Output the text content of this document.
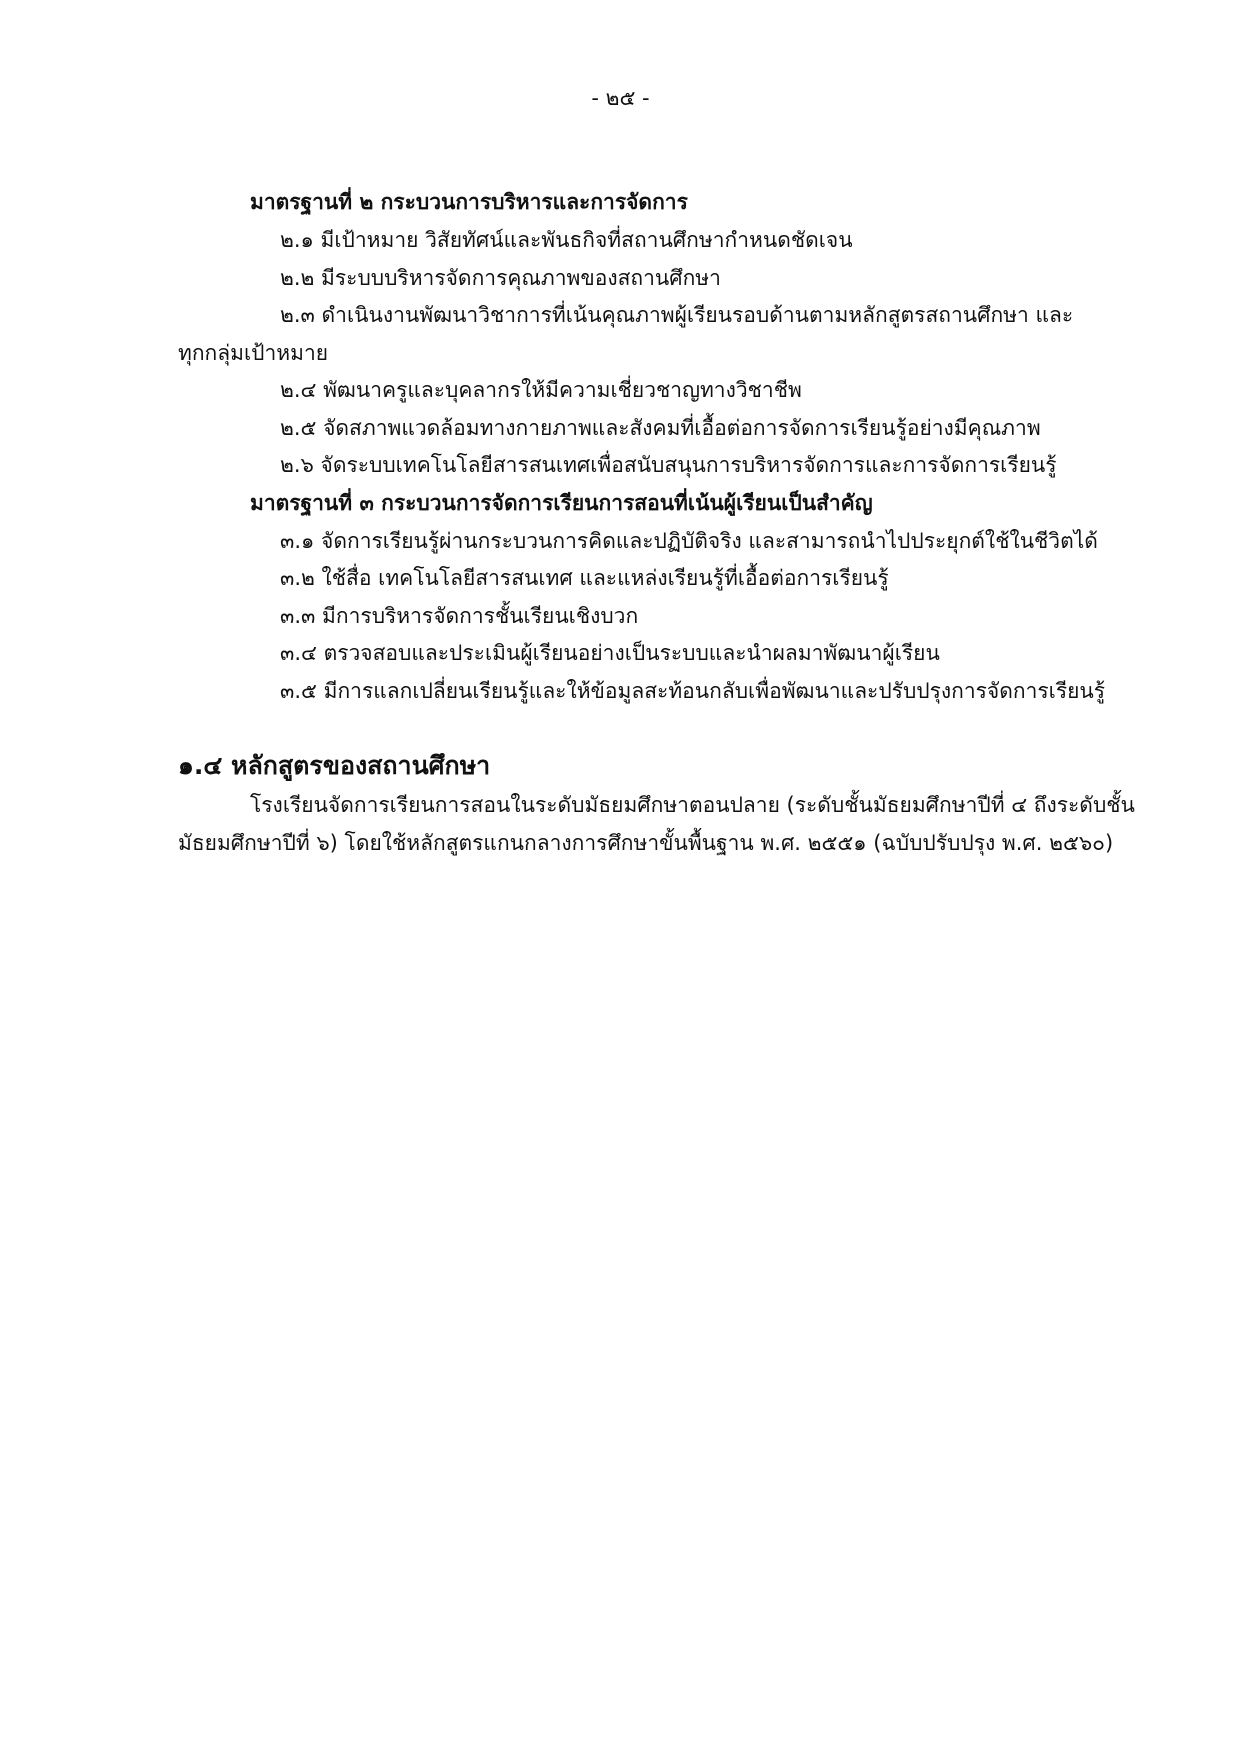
- ๒๕ -
มาตรฐานที่ ๒ กระบวนการบริหารและการจัดการ
๒.๑ มีเป้าหมาย วิสัยทัศน์และพันธกิจที่สถานศึกษากำหนดชัดเจน
๒.๒ มีระบบบริหารจัดการคุณภาพของสถานศึกษา
๒.๓ ดำเนินงานพัฒนาวิชาการที่เน้นคุณภาพผู้เรียนรอบด้านตามหลักสูตรสถานศึกษา และ
ทุกกลุ่มเป้าหมาย
๒.๔ พัฒนาครูและบุคลากรให้มีความเชี่ยวชาญทางวิชาชีพ
๒.๕ จัดสภาพแวดล้อมทางกายภาพและสังคมที่เอื้อต่อการจัดการเรียนรู้อย่างมีคุณภาพ
๒.๖ จัดระบบเทคโนโลยีสารสนเทศเพื่อสนับสนุนการบริหารจัดการและการจัดการเรียนรู้
มาตรฐานที่ ๓ กระบวนการจัดการเรียนการสอนที่เน้นผู้เรียนเป็นสำคัญ
๓.๑ จัดการเรียนรู้ผ่านกระบวนการคิดและปฏิบัติจริง และสามารถนำไปประยุกต์ใช้ในชีวิตได้
๓.๒ ใช้สื่อ เทคโนโลยีสารสนเทศ และแหล่งเรียนรู้ที่เอื้อต่อการเรียนรู้
๓.๓ มีการบริหารจัดการชั้นเรียนเชิงบวก
๓.๔ ตรวจสอบและประเมินผู้เรียนอย่างเป็นระบบและนำผลมาพัฒนาผู้เรียน
๓.๕ มีการแลกเปลี่ยนเรียนรู้และให้ข้อมูลสะท้อนกลับเพื่อพัฒนาและปรับปรุงการจัดการเรียนรู้
๑.๔ หลักสูตรของสถานศึกษา
โรงเรียนจัดการเรียนการสอนในระดับมัธยมศึกษาตอนปลาย (ระดับชั้นมัธยมศึกษาปีที่ ๔ ถึงระดับชั้น
มัธยมศึกษาปีที่ ๖) โดยใช้หลักสูตรแกนกลางการศึกษาขั้นพื้นฐาน พ.ศ. ๒๕๕๑ (ฉบับปรับปรุง พ.ศ. ๒๕๖๐)
